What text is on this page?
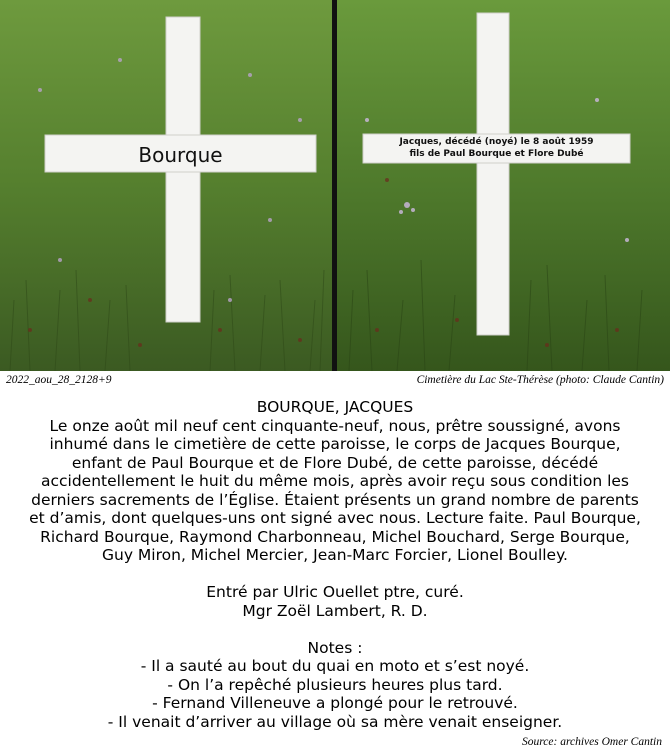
Bourque
Jacques, décédé (noyé) le 8 août 1959
fils de Paul Bourque et Flore Dubé
2022_aou_28_2128+9	Cimetière du Lac Ste-Thérèse (photo: Claude Cantin)

BOURQUE, JACQUES

Le onze août mil neuf cent cinquante-neuf, nous, prêtre soussigné, avons

inhumé dans le cimetière de cette paroisse, le corps de Jacques Bourque,

enfant de Paul Bourque et de Flore Dubé, de cette paroisse, décédé

accidentellement le huit du même mois, après avoir reçu sous condition les

derniers sacrements de l’Église. Étaient présents un grand nombre de parents

et d’amis, dont quelques-uns ont signé avec nous. Lecture faite. Paul Bourque,

Richard Bourque, Raymond Charbonneau, Michel Bouchard, Serge Bourque,

Guy Miron, Michel Mercier, Jean-Marc Forcier, Lionel Boulley.

Entré par Ulric Ouellet ptre, curé.

Mgr Zoël Lambert, R. D.

Notes :

- Il a sauté au bout du quai en moto et s’est noyé.

- On l’a repêché plusieurs heures plus tard.

- Fernand Villeneuve a plongé pour le retrouvé.

- Il venait d’arriver au village où sa mère venait enseigner.

Source: archives Omer Cantin
